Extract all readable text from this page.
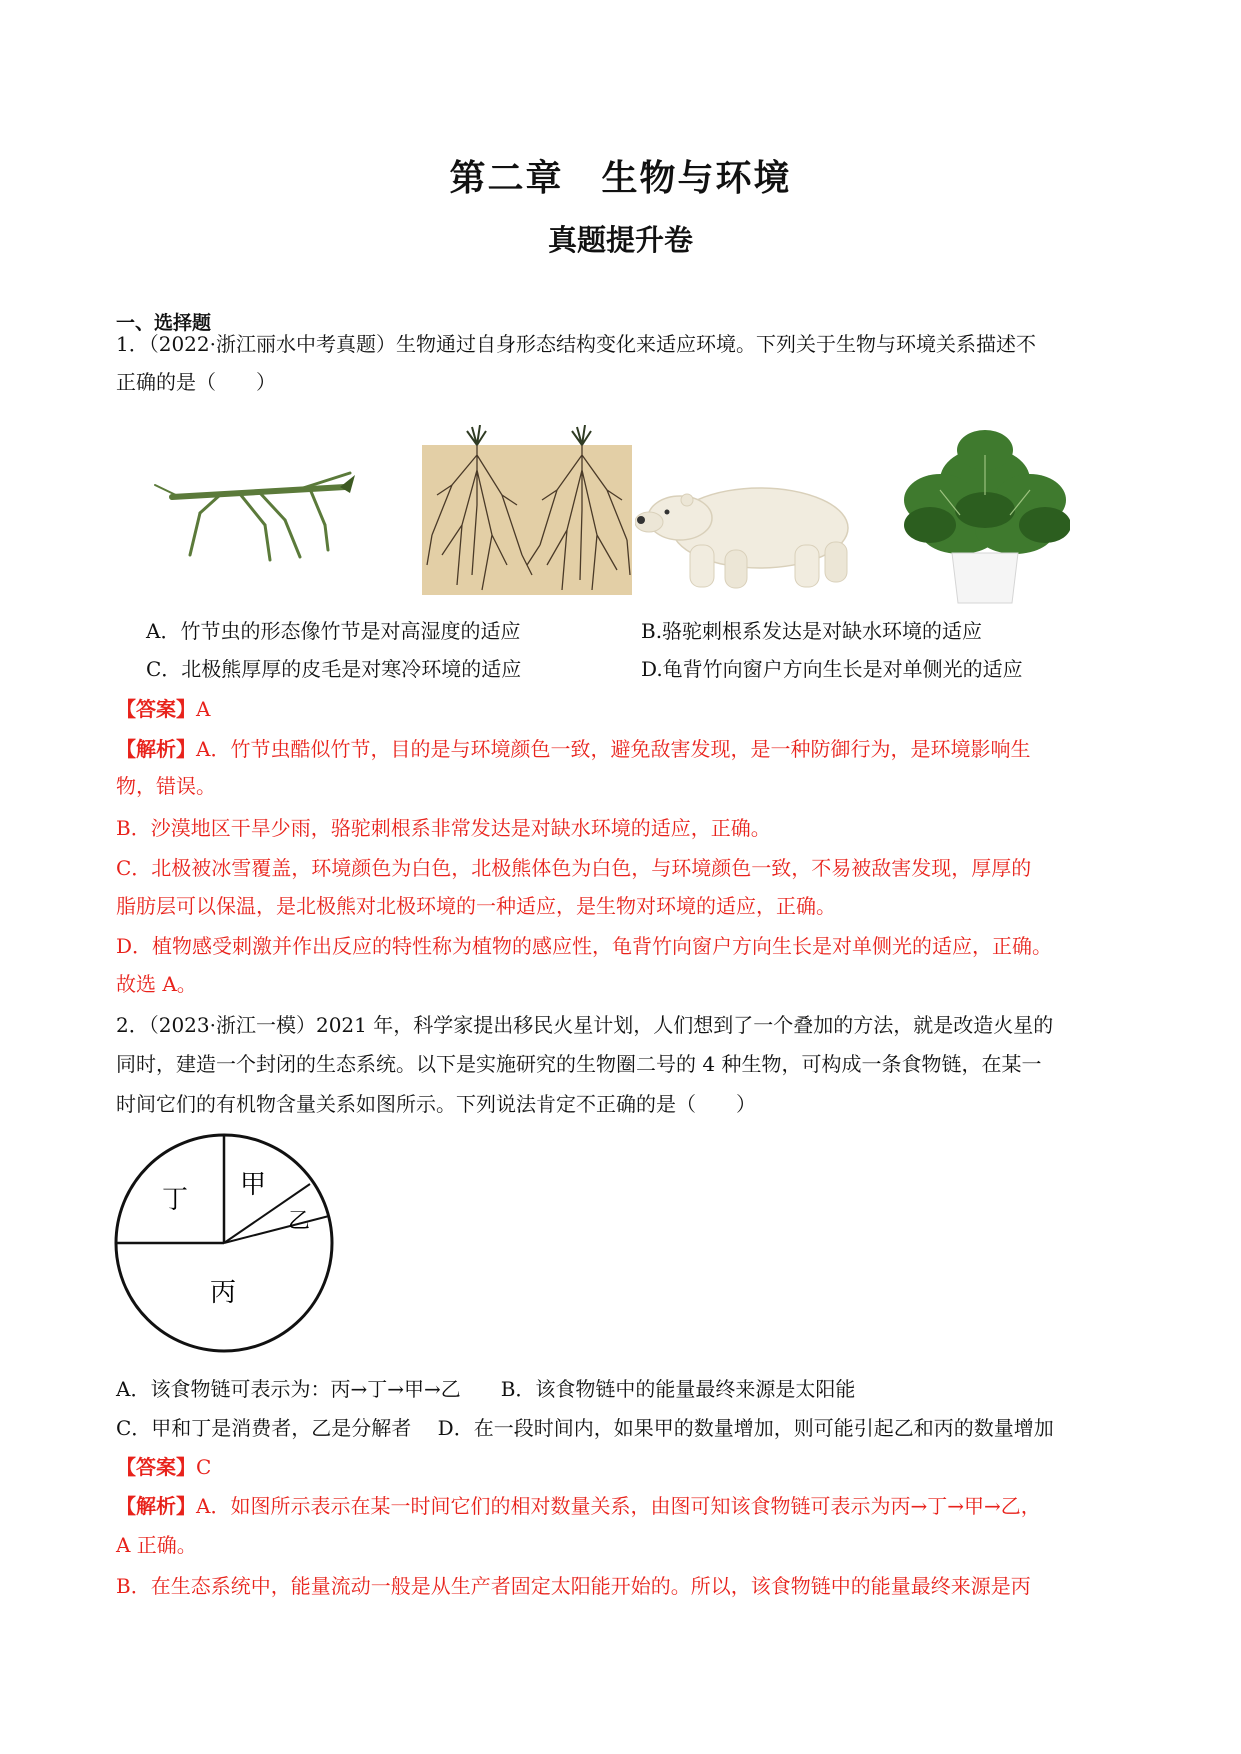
第二章　生物与环境
真题提升卷
一、选择题
1．（2022·浙江丽水中考真题）生物通过自身形态结构变化来适应环境。下列关于生物与环境关系描述不
正确的是（　　）
A．竹节虫的形态像竹节是对高湿度的适应	B.骆驼刺根系发达是对缺水环境的适应
C．北极熊厚厚的皮毛是对寒冷环境的适应	D.龟背竹向窗户方向生长是对单侧光的适应
【答案】A
【解析】A．竹节虫酷似竹节，目的是与环境颜色一致，避免敌害发现，是一种防御行为，是环境影响生
物，错误。
B．沙漠地区干旱少雨，骆驼刺根系非常发达是对缺水环境的适应，正确。
C．北极被冰雪覆盖，环境颜色为白色，北极熊体色为白色，与环境颜色一致，不易被敌害发现，厚厚的
脂肪层可以保温，是北极熊对北极环境的一种适应，是生物对环境的适应，正确。
D．植物感受刺激并作出反应的特性称为植物的感应性，龟背竹向窗户方向生长是对单侧光的适应，正确。
故选 A。
2．（2023·浙江一模）2021 年，科学家提出移民火星计划，人们想到了一个叠加的方法，就是改造火星的
同时，建造一个封闭的生态系统。以下是实施研究的生物圈二号的 4 种生物，可构成一条食物链，在某一
时间它们的有机物含量关系如图所示。下列说法肯定不正确的是（　　）
丁 甲
乙
丙
A．该食物链可表示为：丙→丁→甲→乙　　B．该食物链中的能量最终来源是太阳能
C．甲和丁是消费者，乙是分解者　 D．在一段时间内，如果甲的数量增加，则可能引起乙和丙的数量增加
【答案】C
【解析】A．如图所示表示在某一时间它们的相对数量关系，由图可知该食物链可表示为丙→丁→甲→乙，
A 正确。
B．在生态系统中，能量流动一般是从生产者固定太阳能开始的。所以，该食物链中的能量最终来源是丙
